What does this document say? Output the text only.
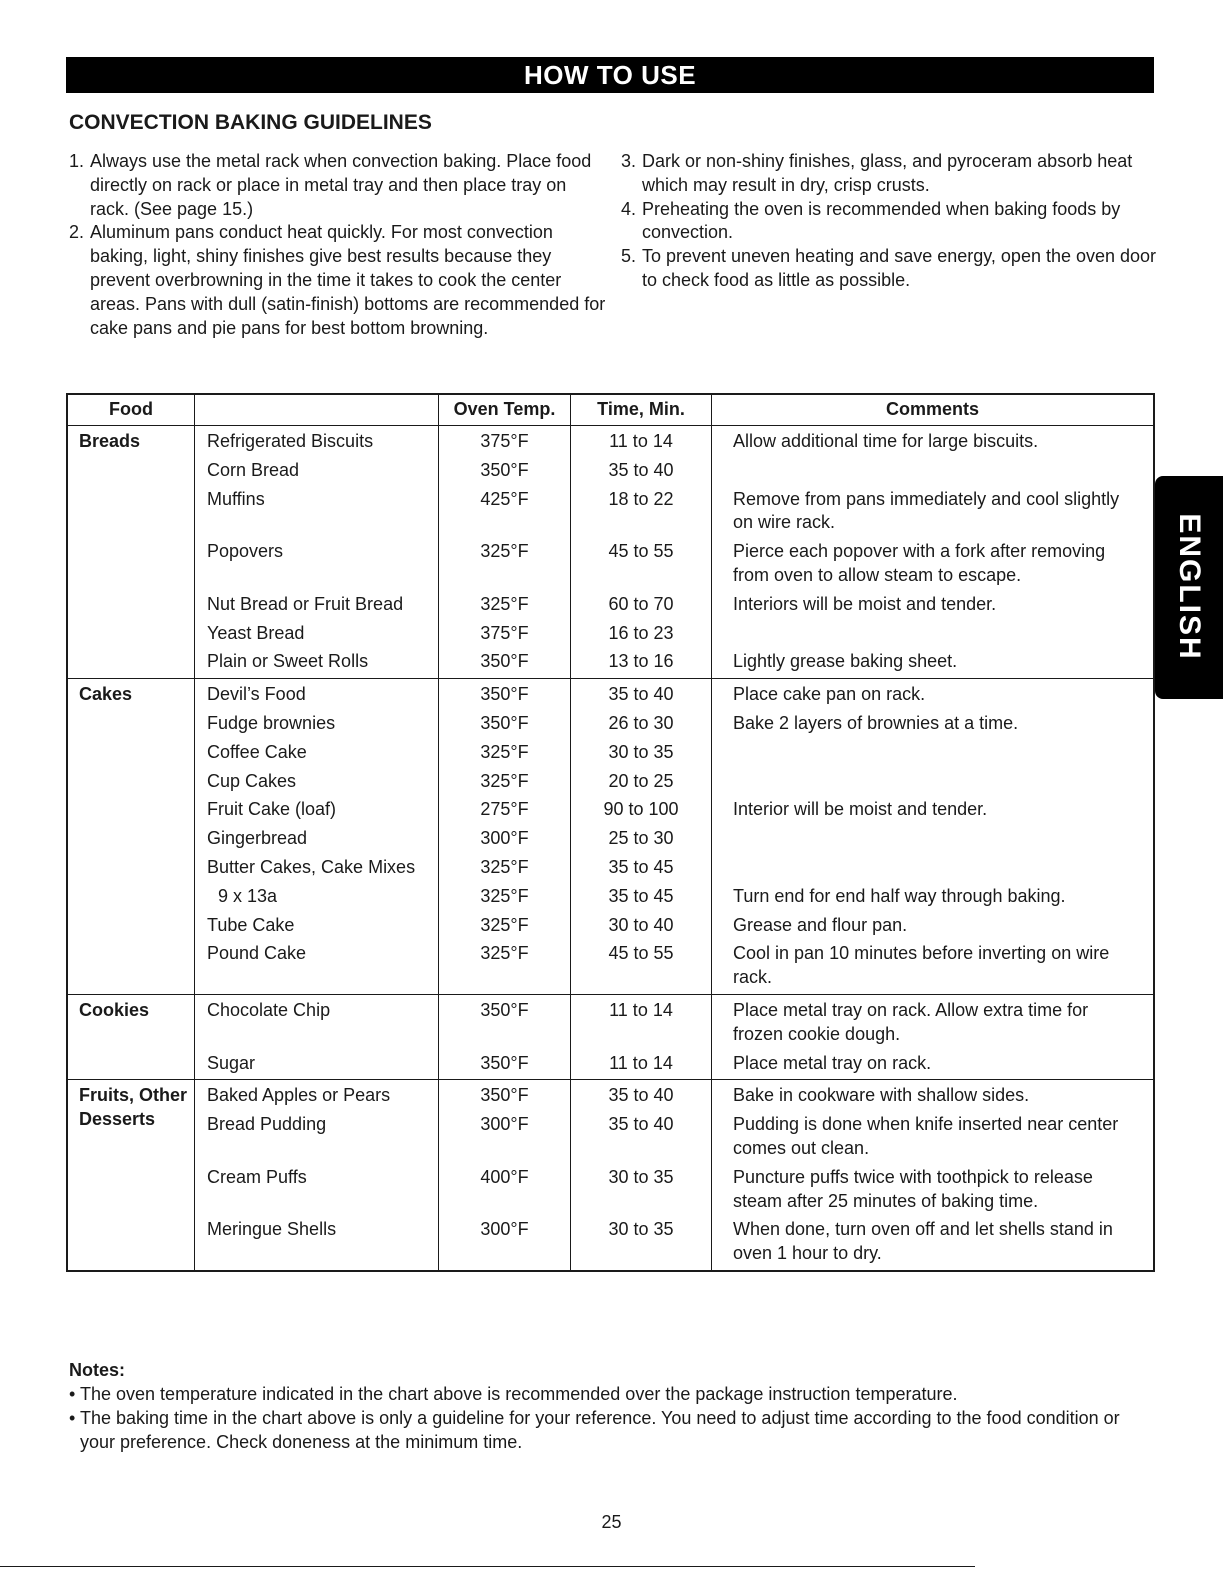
HOW TO USE
CONVECTION BAKING GUIDELINES
1. Always use the metal rack when convection baking. Place food directly on rack or place in metal tray and then place tray on rack. (See page 15.)
2. Aluminum pans conduct heat quickly. For most convection baking, light, shiny finishes give best results because they prevent overbrowning in the time it takes to cook the center areas. Pans with dull (satin-finish) bottoms are recommended for cake pans and pie pans for best bottom browning.
3. Dark or non-shiny finishes, glass, and pyroceram absorb heat which may result in dry, crisp crusts.
4. Preheating the oven is recommended when baking foods by convection.
5. To prevent uneven heating and save energy, open the oven door to check food as little as possible.
Food		Oven Temp.	Time, Min.	Comments
Breads	Refrigerated Biscuits	375°F	11 to 14	Allow additional time for large biscuits.
	Corn Bread	350°F	35 to 40	
	Muffins	425°F	18 to 22	Remove from pans immediately and cool slightly on wire rack.
	Popovers	325°F	45 to 55	Pierce each popover with a fork after removing from oven to allow steam to escape.
	Nut Bread or Fruit Bread	325°F	60 to 70	Interiors will be moist and tender.
	Yeast Bread	375°F	16 to 23	
	Plain or Sweet Rolls	350°F	13 to 16	Lightly grease baking sheet.
Cakes	Devil’s Food	350°F	35 to 40	Place cake pan on rack.
	Fudge brownies	350°F	26 to 30	Bake 2 layers of brownies at a time.
	Coffee Cake	325°F	30 to 35	
	Cup Cakes	325°F	20 to 25	
	Fruit Cake (loaf)	275°F	90 to 100	Interior will be moist and tender.
	Gingerbread	300°F	25 to 30	
	Butter Cakes, Cake Mixes	325°F	35 to 45	
	9 x 13a	325°F	35 to 45	Turn end for end half way through baking.
	Tube Cake	325°F	30 to 40	Grease and flour pan.
	Pound Cake	325°F	45 to 55	Cool in pan 10 minutes before inverting on wire rack.
Cookies	Chocolate Chip	350°F	11 to 14	Place metal tray on rack. Allow extra time for frozen cookie dough.
	Sugar	350°F	11 to 14	Place metal tray on rack.
Fruits, Other Desserts	Baked Apples or Pears	350°F	35 to 40	Bake in cookware with shallow sides.
	Bread Pudding	300°F	35 to 40	Pudding is done when knife inserted near center comes out clean.
	Cream Puffs	400°F	30 to 35	Puncture puffs twice with toothpick to release steam after 25 minutes of baking time.
	Meringue Shells	300°F	30 to 35	When done, turn oven off and let shells stand in oven 1 hour to dry.
Notes:
• The oven temperature indicated in the chart above is recommended over the package instruction temperature.
• The baking time in the chart above is only a guideline for your reference. You need to adjust time according to the food condition or your preference. Check doneness at the minimum time.
ENGLISH
25
